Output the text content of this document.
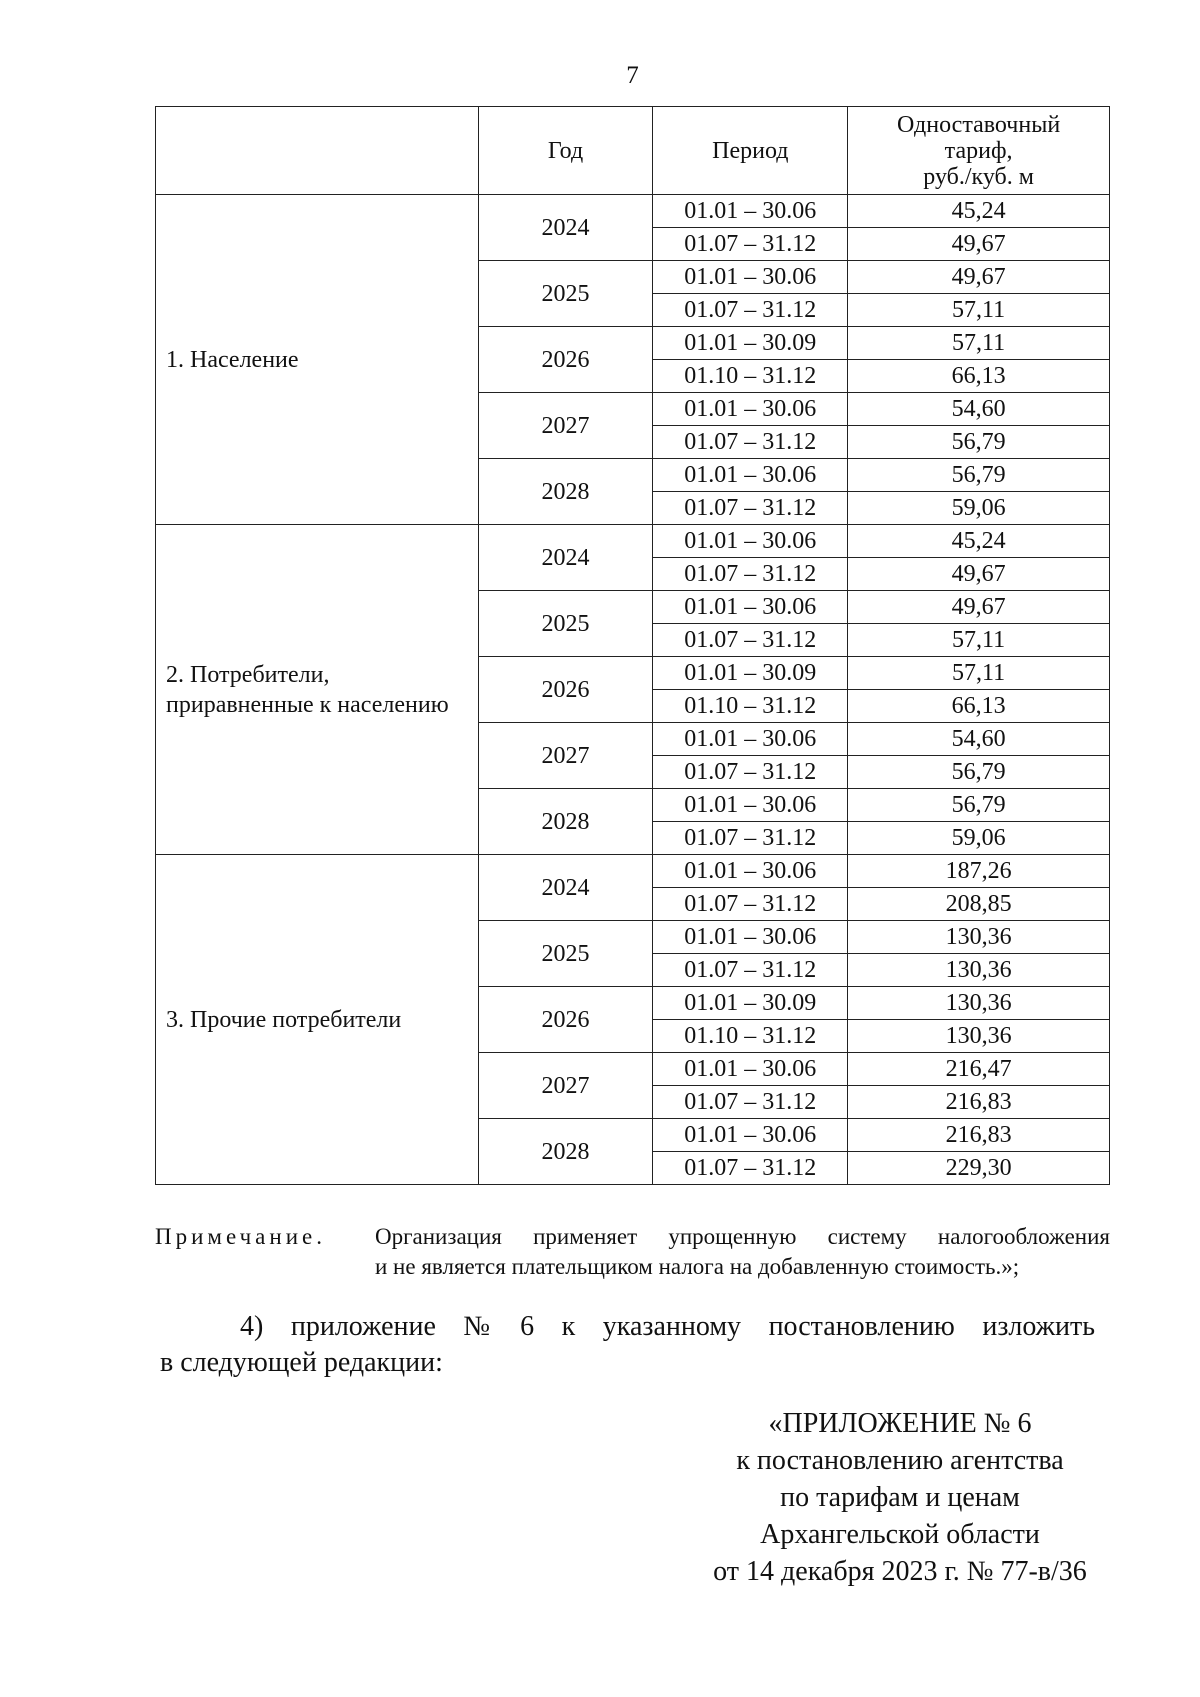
7
	Год	Период	Одноставочный
тариф,
руб./куб. м

1. Население	2024	01.01 – 30.06	45,24
		01.07 – 31.12	49,67
	2025	01.01 – 30.06	49,67
		01.07 – 31.12	57,11
	2026	01.01 – 30.09	57,11
		01.10 – 31.12	66,13
	2027	01.01 – 30.06	54,60
		01.07 – 31.12	56,79
	2028	01.01 – 30.06	56,79
		01.07 – 31.12	59,06

2. Потребители,
приравненные к населению	2024	01.01 – 30.06	45,24
		01.07 – 31.12	49,67
	2025	01.01 – 30.06	49,67
		01.07 – 31.12	57,11
	2026	01.01 – 30.09	57,11
		01.10 – 31.12	66,13
	2027	01.01 – 30.06	54,60
		01.07 – 31.12	56,79
	2028	01.01 – 30.06	56,79
		01.07 – 31.12	59,06

3. Прочие потребители	2024	01.01 – 30.06	187,26
		01.07 – 31.12	208,85
	2025	01.01 – 30.06	130,36
		01.07 – 31.12	130,36
	2026	01.01 – 30.09	130,36
		01.10 – 31.12	130,36
	2027	01.01 – 30.06	216,47
		01.07 – 31.12	216,83
	2028	01.01 – 30.06	216,83
		01.07 – 31.12	229,30
Примечание. Организация применяет упрощенную систему налогообложения
и не является плательщиком налога на добавленную стоимость.»;
4) приложение № 6 к указанному постановлению изложить
в следующей редакции:
«ПРИЛОЖЕНИЕ № 6
к постановлению агентства
по тарифам и ценам
Архангельской области
от 14 декабря 2023 г. № 77-в/36
